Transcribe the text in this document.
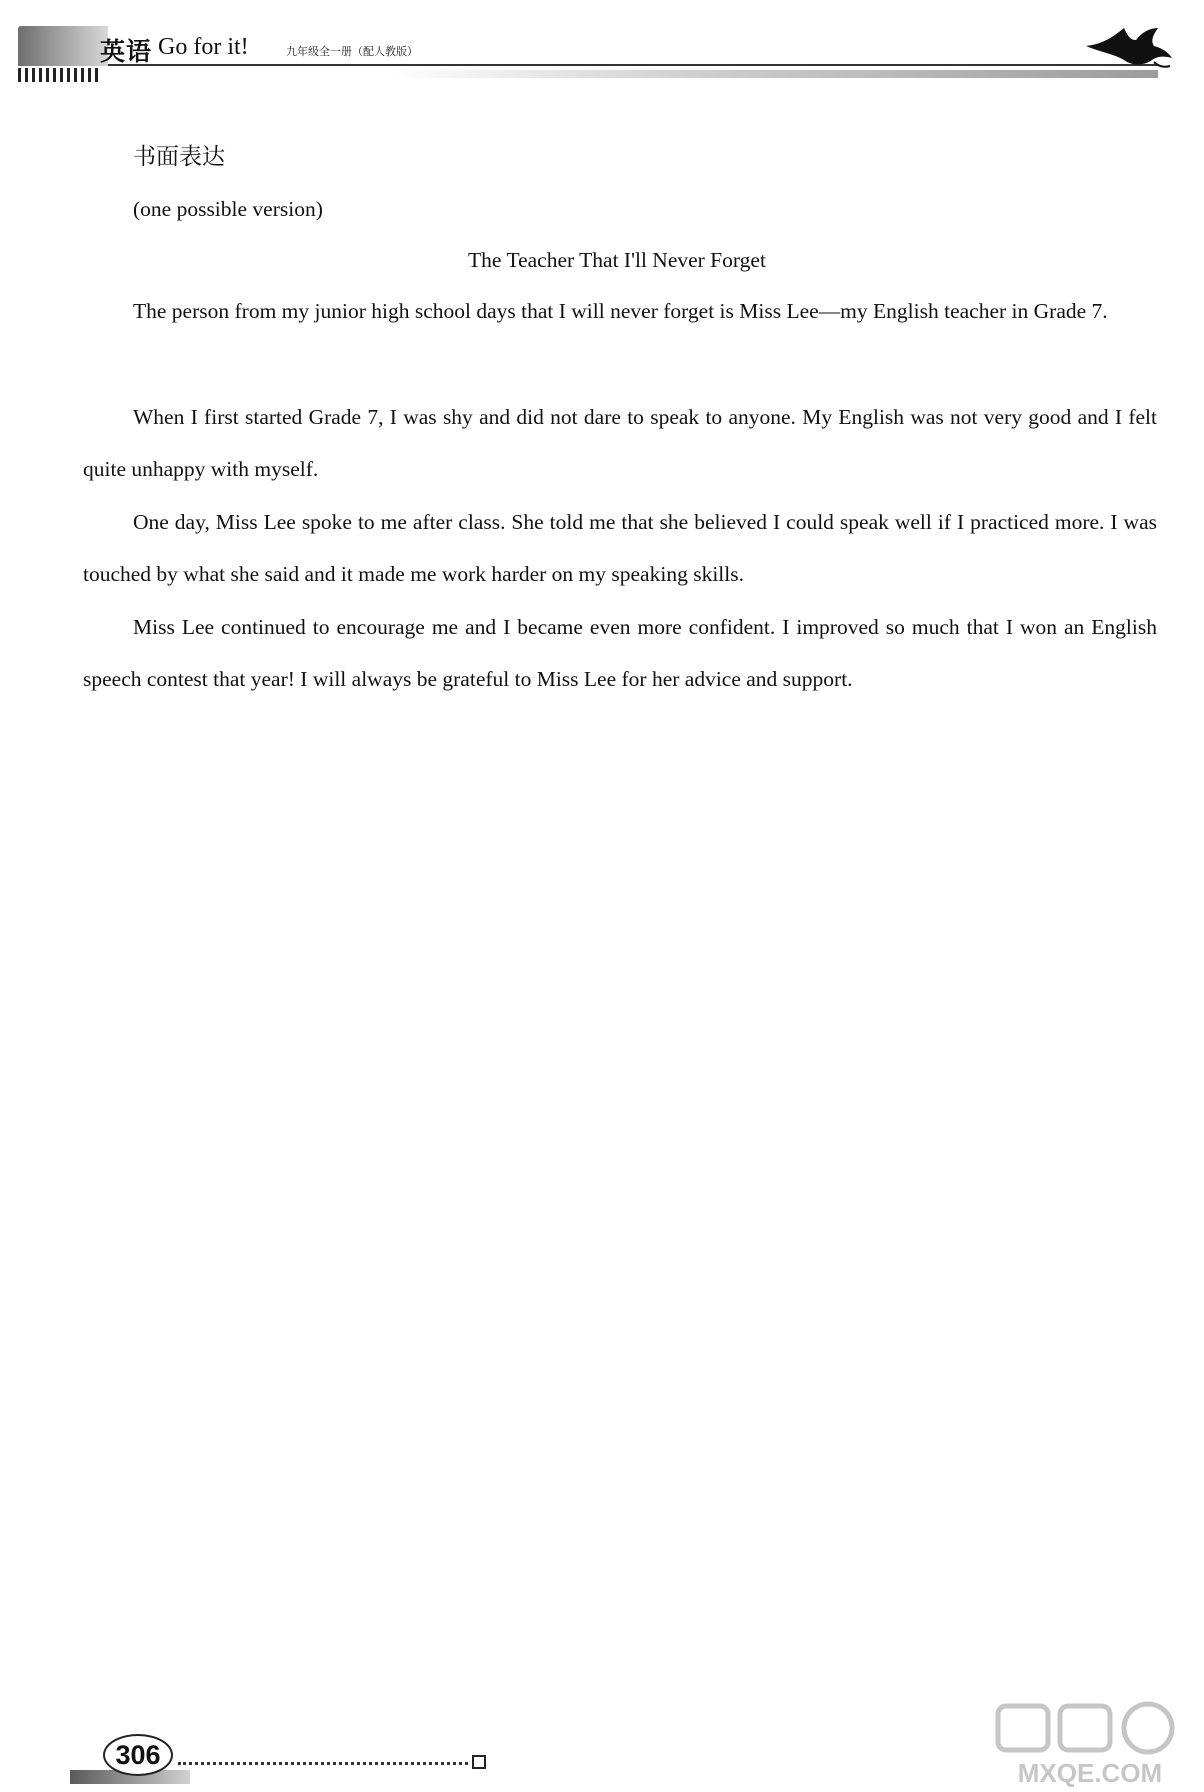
英语 Go for it!	九年级全一册（配人教版）

书面表达

(one possible version)

The Teacher That I'll Never Forget

The person from my junior high school days that I will never forget is Miss Lee—my English teacher in Grade 7.

When I first started Grade 7, I was shy and did not dare to speak to anyone. My English was not very good and I felt quite unhappy with myself.

One day, Miss Lee spoke to me after class. She told me that she believed I could speak well if I practiced more. I was touched by what she said and it made me work harder on my speaking skills.

Miss Lee continued to encourage me and I became even more confident. I improved so much that I won an English speech contest that year! I will always be grateful to Miss Lee for her advice and support.

306
MXQE.COM
